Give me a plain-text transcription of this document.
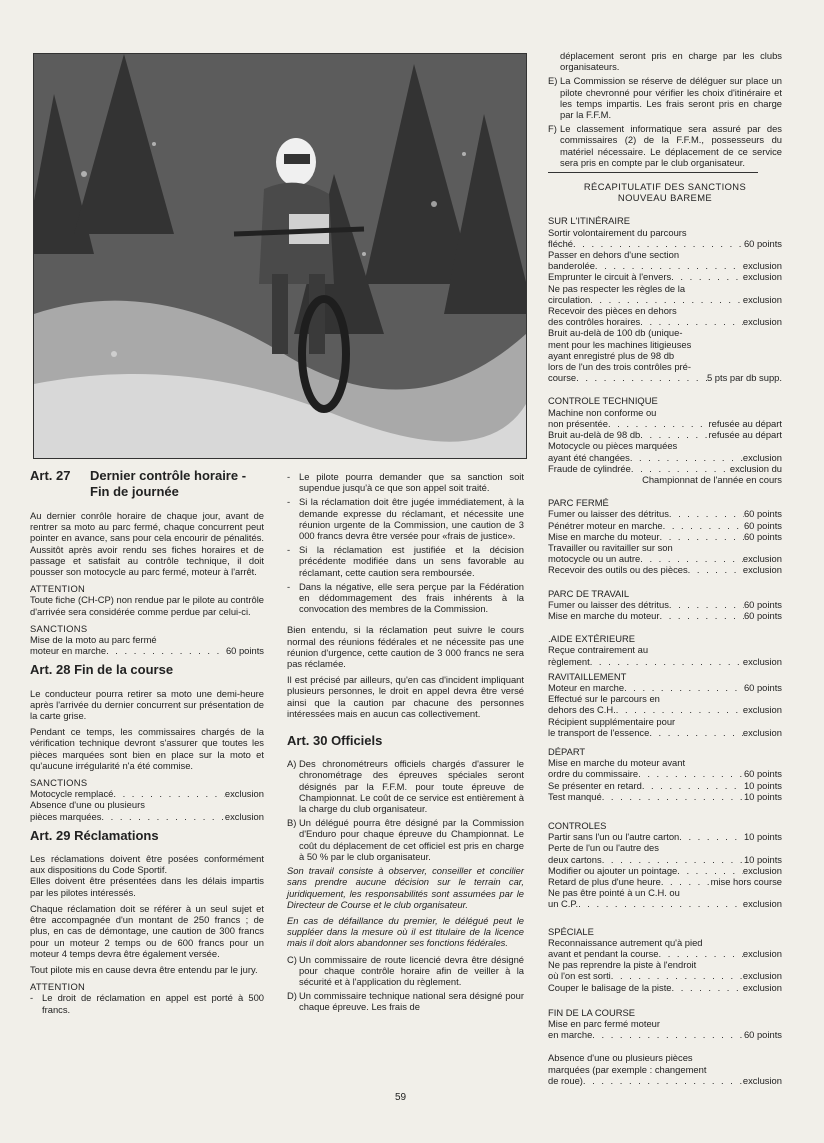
Art. 27	Dernier contrôle horaire - Fin de journée

Au dernier conrôle horaire de chaque jour, avant de rentrer sa moto au parc fermé, chaque concurrent peut pointer en avance, sans pour cela encourir de pénalités. Aussitôt après avoir rendu ses fiches horaires et de passage et satisfait au contrôle technique, il doit pousser son motocycle au parc fermé, moteur à l'arrêt.

ATTENTION

Toute fiche (CH-CP) non rendue par le pilote au contrôle d'arrivée sera considérée comme perdue par celui-ci.

SANCTIONS
Mise de la moto au parc fermé
moteur en marche . . .	60 points
Art. 28 Fin de la course

Le conducteur pourra retirer sa moto une demi-heure après l'arrivée du dernier concurrent sur présentation de la carte grise.

Pendant ce temps, les commissaires chargés de la vérification technique devront s'assurer que toutes les pièces marquées sont bien en place sur la moto et qu'aucune irrégularité n'a été commise.

SANCTIONS
Motocycle remplacé . . .	exclusion
Absence d'une ou plusieurs
pièces marquées . . .	exclusion
Art. 29 Réclamations

Les réclamations doivent être posées conformément aux dispositions du Code Sportif.

Elles doivent être présentées dans les délais impartis par les pilotes intéressés.

Chaque réclamation doit se référer à un seul sujet et être accompagnée d'un montant de 250 francs ; de plus, en cas de démontage, une caution de 300 francs pour un moteur 2 temps ou de 600 francs pour un moteur 4 temps devra être également versée.

Tout pilote mis en cause devra être entendu par le jury.

ATTENTION
- Le droit de réclamation en appel est porté à 500 francs.
- Le pilote pourra demander que sa sanction soit supendue jusqu'à ce que son appel soit traité.
- Si la réclamation doit être jugée immédiatement, à la demande expresse du réclamant, et nécessite une réunion urgente de la Commission, une caution de 3 000 francs devra être versée pour «frais de justice».
- Si la réclamation est justifiée et la décision précédente modifiée dans un sens favorable au réclamant, cette caution sera remboursée.
- Dans la négative, elle sera perçue par la Fédération en dédommagement des frais inhérents à la convocation des membres de la Commission.

Bien entendu, si la réclamation peut suivre le cours normal des réunions fédérales et ne nécessite pas une réunion d'urgence, cette caution de 3 000 francs ne sera pas réclamée.

Il est précisé par ailleurs, qu'en cas d'incident impliquant plusieurs personnes, le droit en appel devra être versé ainsi que la caution par chacune des personnes intéressées mais en aucun cas collectivement.

Art. 30 Officiels
A) Des chronométreurs officiels chargés d'assurer le chronométrage des épreuves spéciales seront désignés par la F.F.M. pour toute épreuve de Championnat. Le coût de ce service est entièrement à la charge du club organisateur.
B) Un délégué pourra être désigné par la Commission d'Enduro pour chaque épreuve du Championnat. Le coût du déplacement de cet officiel est pris en charge à 50 % par le club organisateur.

Son travail consiste à observer, conseiller et concilier sans prendre aucune décision sur le terrain car, juridiquement, les responsabilités sont assumées par le Directeur de Course et le club organisateur.

En cas de défaillance du premier, le délégué peut le suppléer dans la mesure où il est titulaire de la licence mais il doit alors abandonner ses fonctions fédérales.

C) Un commissaire de route licencié devra être désigné pour chaque contrôle horaire afin de veiller à la sécurité et à l'application du règlement.
D) Un commissaire technique national sera désigné pour chaque épreuve. Les frais de
déplacement seront pris en charge par les clubs organisateurs.
E) La Commission se réserve de déléguer sur place un pilote chevronné pour vérifier les choix d'itinéraire et les temps impartis. Les frais seront pris en charge par la F.F.M.
F) Le classement informatique sera assuré par des commissaires (2) de la F.F.M., possesseurs du matériel nécessaire. Le déplacement de ce service sera pris en compte par le club organisateur.
RÉCAPITULATIF DES SANCTIONS
NOUVEAU BAREME
SUR L'ITINÉRAIRE
Sortir volontairement du parcours
fléché . . .	60 points
Passer en dehors d'une section
banderolée . . .	exclusion
Emprunter le circuit à l'envers . . .	exclusion
Ne pas respecter les règles de la
circulation . . .	exclusion
Recevoir des pièces en dehors
des contrôles horaires . . .	exclusion
Bruit au-delà de 100 db (unique-
ment pour les machines litigieuses
ayant enregistré plus de 98 db
lors de l'un des trois contrôles pré-
course . . .	5 pts par db supp.
CONTROLE TECHNIQUE
Machine non conforme ou
non présentée . . .	refusée au départ
Bruit au-delà de 98 db . . .	refusée au départ
Motocycle ou pièces marquées
ayant été changées . . .	exclusion
Fraude de cylindrée . . .	exclusion du
Championnat de l'année en cours
PARC FERMÉ
Fumer ou laisser des détritus . . .	60 points
Pénétrer moteur en marche . . .	60 points
Mise en marche du moteur . . .	60 points
Travailler ou ravitailler sur son
motocycle ou un autre . . .	exclusion
Recevoir des outils ou des pièces . . .	exclusion
PARC DE TRAVAIL
Fumer ou laisser des détritus . . .	60 points
Mise en marche du moteur . . .	60 points
.AIDE EXTÉRIEURE
Reçue contrairement au
règlement . . .	exclusion
RAVITAILLEMENT
Moteur en marche . . .	60 points
Effectué sur le parcours en
dehors des C.H. . . .	exclusion
Récipient supplémentaire pour
le transport de l'essence . . .	exclusion
DÉPART
Mise en marche du moteur avant
ordre du commissaire . . .	60 points
Se présenter en retard . . .	10 points
Test manqué . . .	10 points
CONTROLES
Partir sans l'un ou l'autre carton . . .	10 points
Perte de l'un ou l'autre des
deux cartons . . .	10 points
Modifier ou ajouter un pointage . . .	exclusion
Retard de plus d'une heure . . .	mise hors course
Ne pas être pointé à un C.H. ou
un C.P. . . .	exclusion
SPÉCIALE
Reconnaissance autrement qu'à pied
avant et pendant la course . . .	exclusion
Ne pas reprendre la piste à l'endroit
où l'on est sorti . . .	exclusion
Couper le balisage de la piste . . .	exclusion
FIN DE LA COURSE
Mise en parc fermé moteur
en marche . . .	60 points
Absence d'une ou plusieurs pièces
marquées (par exemple : changement
de roue) . . .	exclusion
59
